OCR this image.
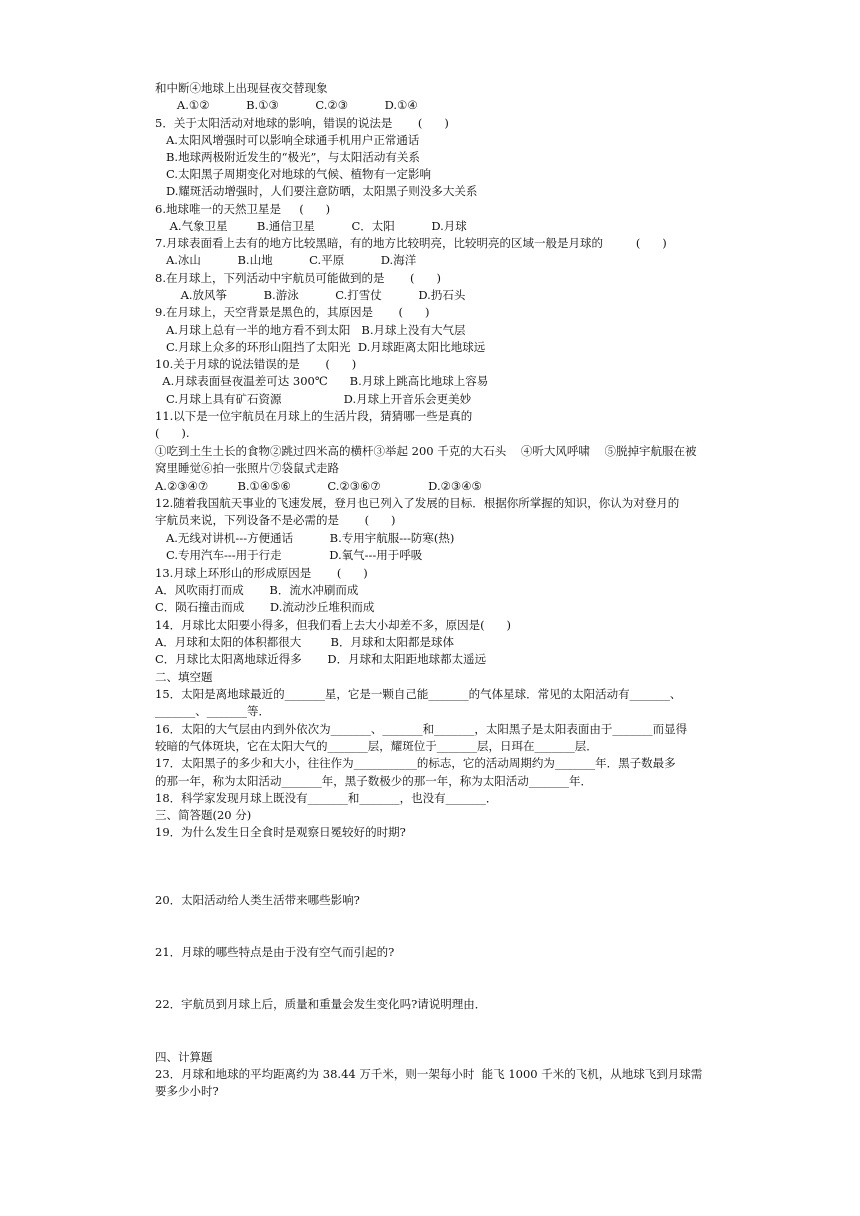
和中断④地球上出现昼夜交替现象
A.①②          B.①③          C.②③          D.①④
5．关于太阳活动对地球的影响，错误的说法是       (      )
A.太阳风增强时可以影响全球通手机用户正常通话
B.地球两极附近发生的“极光”，与太阳活动有关系
C.太阳黑子周期变化对地球的气候、植物有一定影响
D.耀斑活动增强时，人们要注意防晒，太阳黑子则没多大关系
6.地球唯一的天然卫星是     (      )
A.气象卫星        B.通信卫星          C．太阳          D.月球
7.月球表面看上去有的地方比较黑暗，有的地方比较明亮，比较明亮的区域一般是月球的         (      )
A.冰山          B.山地          C.平原          D.海洋
8.在月球上，下列活动中宇航员可能做到的是       (      )
A.放风筝          B.游泳          C.打雪仗          D.扔石头
9.在月球上，天空背景是黑色的，其原因是       (      )
A.月球上总有一半的地方看不到太阳   B.月球上没有大气层
C.月球上众多的环形山阻挡了太阳光  D.月球距离太阳比地球远
10.关于月球的说法错误的是       (      )
A.月球表面昼夜温差可达 300℃      B.月球上跳高比地球上容易
C.月球上具有矿石资源                 D.月球上开音乐会更美妙
11.以下是一位宇航员在月球上的生活片段，猜猜哪一些是真的
(      ).
①吃到土生土长的食物②跳过四米高的横杆③举起 200 千克的大石头    ④听大风呼啸    ⑤脱掉宇航服在被
窝里睡觉⑥拍一张照片⑦袋鼠式走路
A.②③④⑦        B.①④⑤⑥          C.②③⑥⑦             D.②③④⑤
12.随着我国航天事业的飞速发展，登月也已列入了发展的目标．根据你所掌握的知识，你认为对登月的
宇航员来说，下列设备不是必需的是       (      )
A.无线对讲机---方便通话          B.专用宇航服---防寒(热)
C.专用汽车---用于行走             D.氧气---用于呼吸
13.月球上环形山的形成原因是       (      )
A．风吹雨打而成       B．流水冲刷而成
C．陨石撞击而成       D.流动沙丘堆积而成
14．月球比太阳要小得多，但我们看上去大小却差不多，原因是(      )
A．月球和太阳的体积都很大        B．月球和太阳都是球体
C．月球比太阳离地球近得多       D．月球和太阳距地球都太遥远
二、填空题
15．太阳是离地球最近的_______星，它是一颗自己能_______的气体星球．常见的太阳活动有_______、
_______、_______等．
16．太阳的大气层由内到外依次为_______、_______和_______，太阳黑子是太阳表面由于_______而显得
较暗的气体斑块，它在太阳大气的_______层，耀斑位于_______层，日珥在_______层．
17．太阳黑子的多少和大小，往往作为___________的标志，它的活动周期约为_______年．黑子数最多
的那一年，称为太阳活动_______年，黑子数极少的那一年，称为太阳活动_______年．
18．科学家发现月球上既没有_______和_______，也没有_______．
三、简答题(20 分)
19．为什么发生日全食时是观察日冕较好的时期?
20．太阳活动给人类生活带来哪些影响?
21．月球的哪些特点是由于没有空气而引起的?
22．宇航员到月球上后，质量和重量会发生变化吗?请说明理由．
四、计算题
23．月球和地球的平均距离约为 38.44 万千米，则一架每小时  能飞 1000 千米的飞机，从地球飞到月球需
要多少小时?
